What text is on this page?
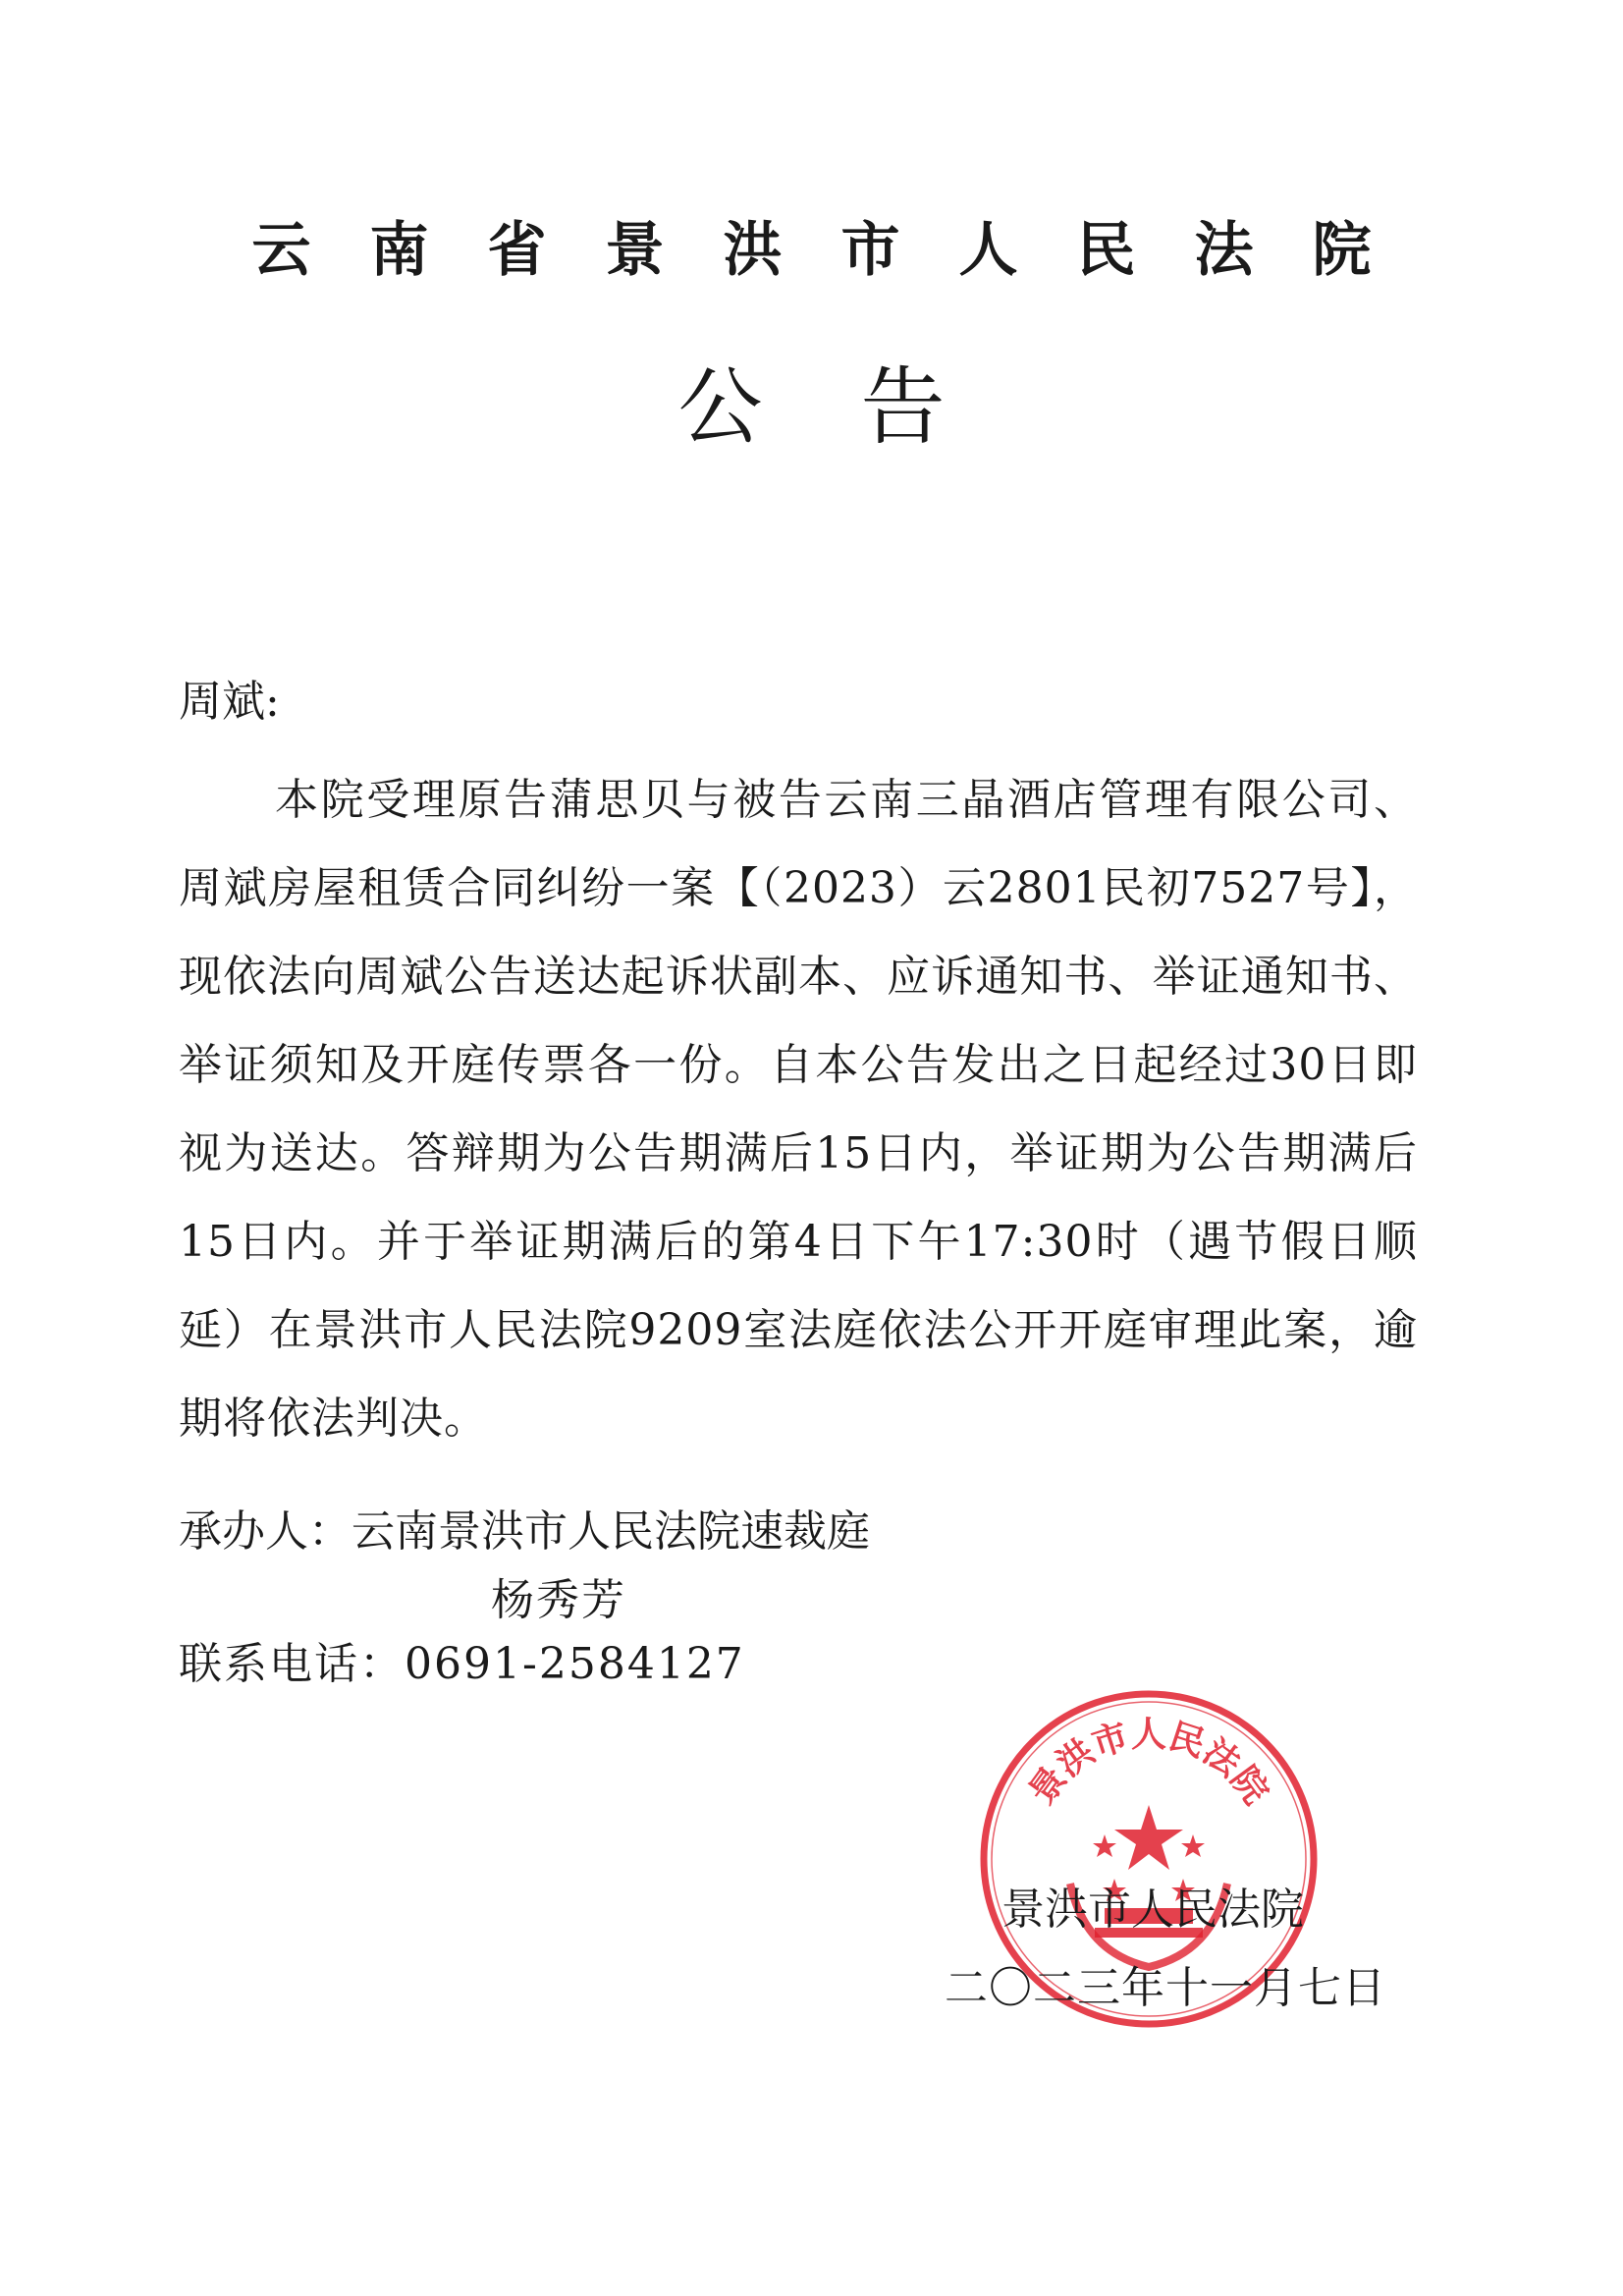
云南省景洪市人民法院
公告
周斌:
本院受理原告蒲思贝与被告云南三晶酒店管理有限公司、周斌房屋租赁合同纠纷一案【（2023）云2801民初7527号】，现依法向周斌公告送达起诉状副本、应诉通知书、举证通知书、举证须知及开庭传票各一份。自本公告发出之日起经过30日即视为送达。答辩期为公告期满后15日内，举证期为公告期满后15日内。并于举证期满后的第4日下午17:30时（遇节假日顺延）在景洪市人民法院9209室法庭依法公开开庭审理此案，逾期将依法判决。
承办人：云南景洪市人民法院速裁庭
杨秀芳
联系电话：0691-2584127
景洪市人民法院
景洪市人民法院
二〇二三年十一月七日
